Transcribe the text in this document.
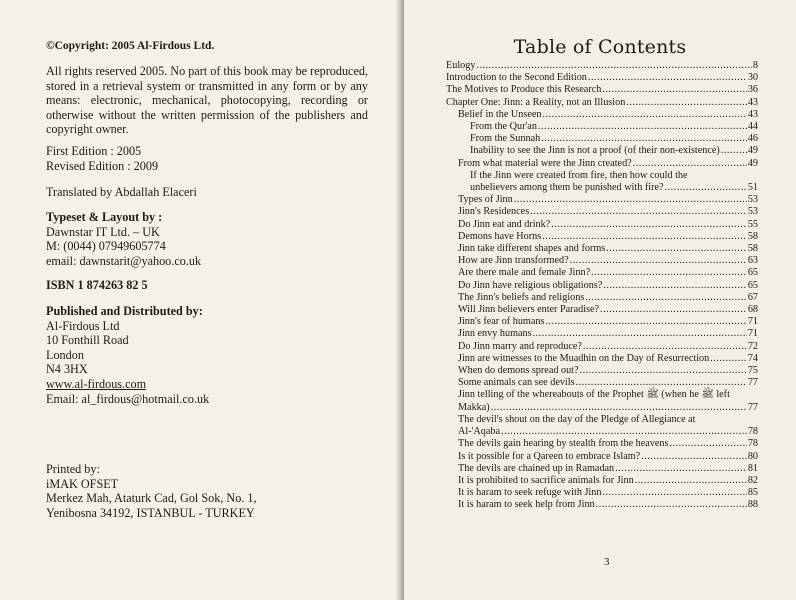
©Copyright: 2005 Al-Firdous Ltd.
All rights reserved 2005. No part of this book may be reproduced, stored in a retrieval system or transmitted in any form or by any means: electronic, mechanical, photocopying, recording or otherwise without the written permission of the publishers and copyright owner.
First Edition : 2005
Revised Edition : 2009
Translated by Abdallah Elaceri
Typeset & Layout by :
Dawnstar IT Ltd. – UK
M: (0044) 07949605774
email: dawnstarit@yahoo.co.uk
ISBN 1 874263 82 5
Published and Distributed by:
Al-Firdous Ltd
10 Fonthill Road
London
N4 3HX
www.al-firdous.com
Email: al_firdous@hotmail.co.uk
Printed by:
iMAK OFSET
Merkez Mah, Ataturk Cad, Gol Sok, No. 1,
Yenibosna 34192, ISTANBUL - TURKEY
Table of Contents
Eulogy .....	8
Introduction to the Second Edition .....	30
The Motives to Produce this Research .....	36
Chapter One: Jinn: a Reality, not an Illusion .....	43
Belief in the Unseen .....	43
From the Qur'an .....	44
From the Sunnah .....	46
Inability to see the Jinn is not a proof (of their non-existence) .....	49
From what material were the Jinn created? .....	49
If the Jinn were created from fire, then how could the
unbelievers among them be punished with fire? .....	51
Types of Jinn .....	53
Jinn's Residences .....	53
Do Jinn eat and drink? .....	55
Demons have Horns .....	58
Jinn take different shapes and forms .....	58
How are Jinn transformed? .....	63
Are there male and female Jinn? .....	65
Do Jinn have religious obligations? .....	65
The Jinn's beliefs and religions .....	67
Will Jinn believers enter Paradise? .....	68
Jinn's fear of humans .....	71
Jinn envy humans .....	71
Do Jinn marry and reproduce? .....	72
Jinn are witnesses to the Muadhin on the Day of Resurrection .....	74
When do demons spread out? .....	75
Some animals can see devils .....	77
Jinn telling of the whereabouts of the Prophet ﷺ (when he ﷺ left
Makka) .....	77
The devil's shout on the day of the Pledge of Allegiance at
Al-'Aqaba .....	78
The devils gain hearing by stealth from the heavens .....	78
Is it possible for a Qareen to embrace Islam? .....	80
The devils are chained up in Ramadan .....	81
It is prohibited to sacrifice animals for Jinn .....	82
It is haram to seek refuge with Jinn .....	85
It is haram to seek help from Jinn .....	88
3
